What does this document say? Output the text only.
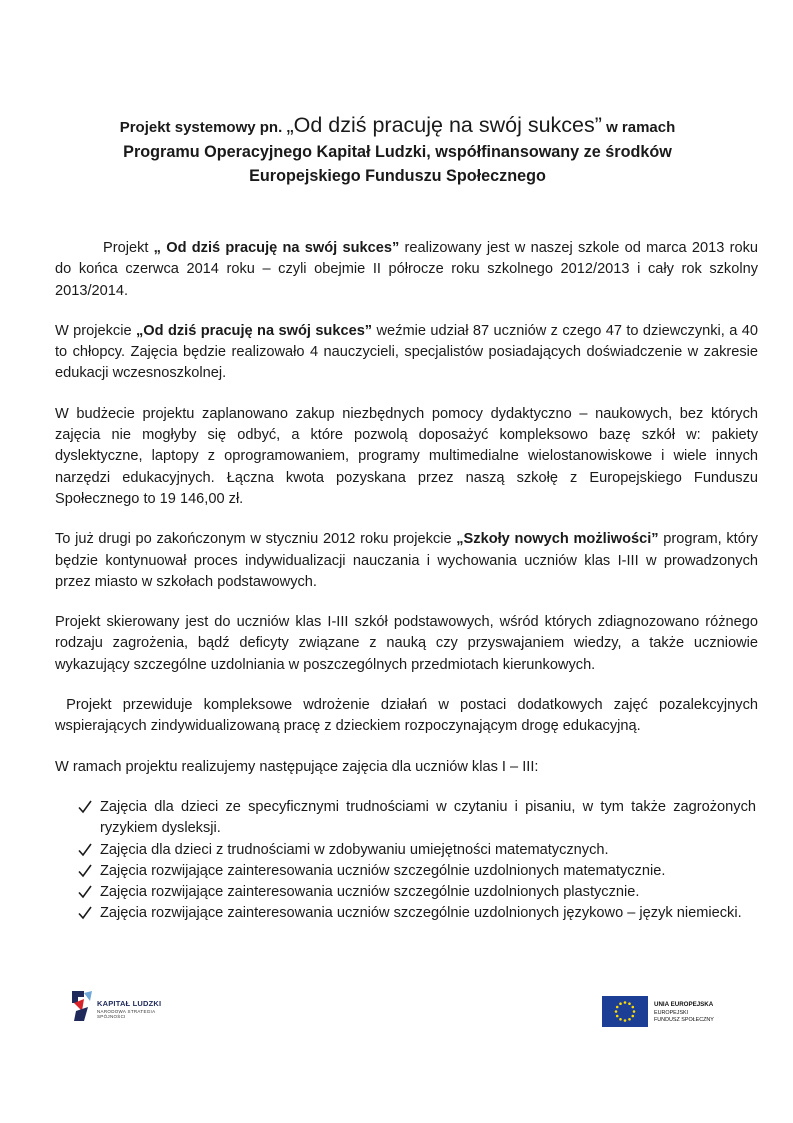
Projekt systemowy pn. „Od dziś pracuję na swój sukces” w ramach
Programu Operacyjnego Kapitał Ludzki, współfinansowany ze środków
Europejskiego Funduszu Społecznego

Projekt „ Od dziś pracuję na swój sukces” realizowany jest w naszej szkole od marca 2013 roku do końca czerwca 2014 roku – czyli obejmie II półrocze roku szkolnego 2012/2013 i cały rok szkolny 2013/2014.

W projekcie „Od dziś pracuję na swój sukces” weźmie udział 87 uczniów z czego 47 to dziewczynki, a 40 to chłopcy. Zajęcia będzie realizowało 4 nauczycieli, specjalistów posiadających doświadczenie w zakresie edukacji wczesnoszkolnej.

W budżecie projektu zaplanowano zakup niezbędnych pomocy dydaktyczno – naukowych, bez których zajęcia nie mogłyby się odbyć, a które pozwolą doposażyć kompleksowo bazę szkół w: pakiety dyslektyczne, laptopy z oprogramowaniem, programy multimedialne wielostanowiskowe i wiele innych narzędzi edukacyjnych. Łączna kwota pozyskana przez naszą szkołę z Europejskiego Funduszu Społecznego to 19 146,00 zł.

To już drugi po zakończonym w styczniu 2012 roku projekcie „Szkoły nowych możliwości” program, który będzie kontynuował proces indywidualizacji nauczania i wychowania uczniów klas I-III w prowadzonych przez miasto w szkołach podstawowych.

Projekt skierowany jest do uczniów klas I-III szkół podstawowych, wśród których zdiagnozowano różnego rodzaju zagrożenia, bądź deficyty związane z nauką czy przyswajaniem wiedzy, a także uczniowie wykazujący szczególne uzdolniania w poszczególnych przedmiotach kierunkowych.

Projekt przewiduje kompleksowe wdrożenie działań w postaci dodatkowych zajęć pozalekcyjnych wspierających zindywidualizowaną pracę z dzieckiem rozpoczynającym drogę edukacyjną.

W ramach projektu realizujemy następujące zajęcia dla uczniów klas I – III:

Zajęcia dla dzieci ze specyficznymi trudnościami w czytaniu i pisaniu, w tym także zagrożonych ryzykiem dysleksji.
Zajęcia dla dzieci z trudnościami w zdobywaniu umiejętności matematycznych.
Zajęcia rozwijające zainteresowania uczniów szczególnie uzdolnionych matematycznie.
Zajęcia rozwijające zainteresowania uczniów szczególnie uzdolnionych plastycznie.
Zajęcia rozwijające zainteresowania uczniów szczególnie uzdolnionych językowo – język niemiecki.
KAPITAŁ LUDZKI
NARODOWA STRATEGIA SPÓJNOŚCI
UNIA EUROPEJSKA
EUROPEJSKI
FUNDUSZ SPOŁECZNY
